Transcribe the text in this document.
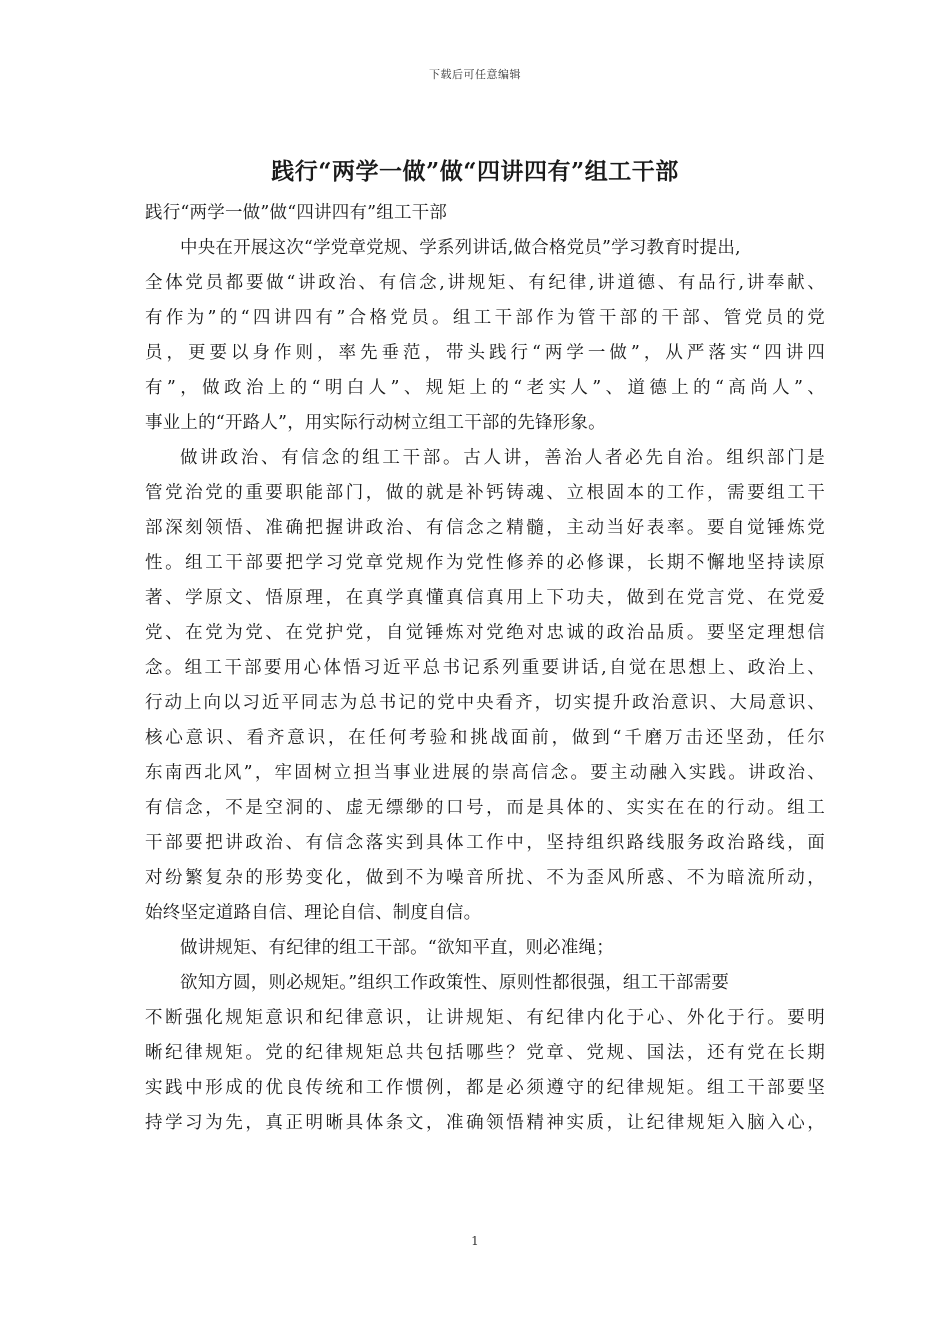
下载后可任意编辑
践行“两学一做”做“四讲四有”组工干部
践行“两学一做”做“四讲四有”组工干部
中央在开展这次“学党章党规、学系列讲话,做合格党员”学习教育时提出,
全体党员都要做“讲政治、有信念,讲规矩、有纪律,讲道德、有品行,讲奉献、
有作为”的“四讲四有”合格党员。组工干部作为管干部的干部、管党员的党
员，更要以身作则，率先垂范，带头践行“两学一做”，从严落实“四讲四
有”，做政治上的“明白人”、规矩上的“老实人”、道德上的“高尚人”、
事业上的“开路人”，用实际行动树立组工干部的先锋形象。
做讲政治、有信念的组工干部。古人讲，善治人者必先自治。组织部门是
管党治党的重要职能部门，做的就是补钙铸魂、立根固本的工作，需要组工干
部深刻领悟、准确把握讲政治、有信念之精髓，主动当好表率。要自觉锤炼党
性。组工干部要把学习党章党规作为党性修养的必修课，长期不懈地坚持读原
著、学原文、悟原理，在真学真懂真信真用上下功夫，做到在党言党、在党爱
党、在党为党、在党护党，自觉锤炼对党绝对忠诚的政治品质。要坚定理想信
念。组工干部要用心体悟习近平总书记系列重要讲话,自觉在思想上、政治上、
行动上向以习近平同志为总书记的党中央看齐，切实提升政治意识、大局意识、
核心意识、看齐意识，在任何考验和挑战面前，做到“千磨万击还坚劲，任尔
东南西北风”，牢固树立担当事业进展的崇高信念。要主动融入实践。讲政治、
有信念，不是空洞的、虚无缥缈的口号，而是具体的、实实在在的行动。组工
干部要把讲政治、有信念落实到具体工作中，坚持组织路线服务政治路线，面
对纷繁复杂的形势变化，做到不为噪音所扰、不为歪风所惑、不为暗流所动，
始终坚定道路自信、理论自信、制度自信。
做讲规矩、有纪律的组工干部。“欲知平直，则必准绳；
欲知方圆，则必规矩。”组织工作政策性、原则性都很强，组工干部需要
不断强化规矩意识和纪律意识，让讲规矩、有纪律内化于心、外化于行。要明
晰纪律规矩。党的纪律规矩总共包括哪些？党章、党规、国法，还有党在长期
实践中形成的优良传统和工作惯例，都是必须遵守的纪律规矩。组工干部要坚
持学习为先，真正明晰具体条文，准确领悟精神实质，让纪律规矩入脑入心，
1
